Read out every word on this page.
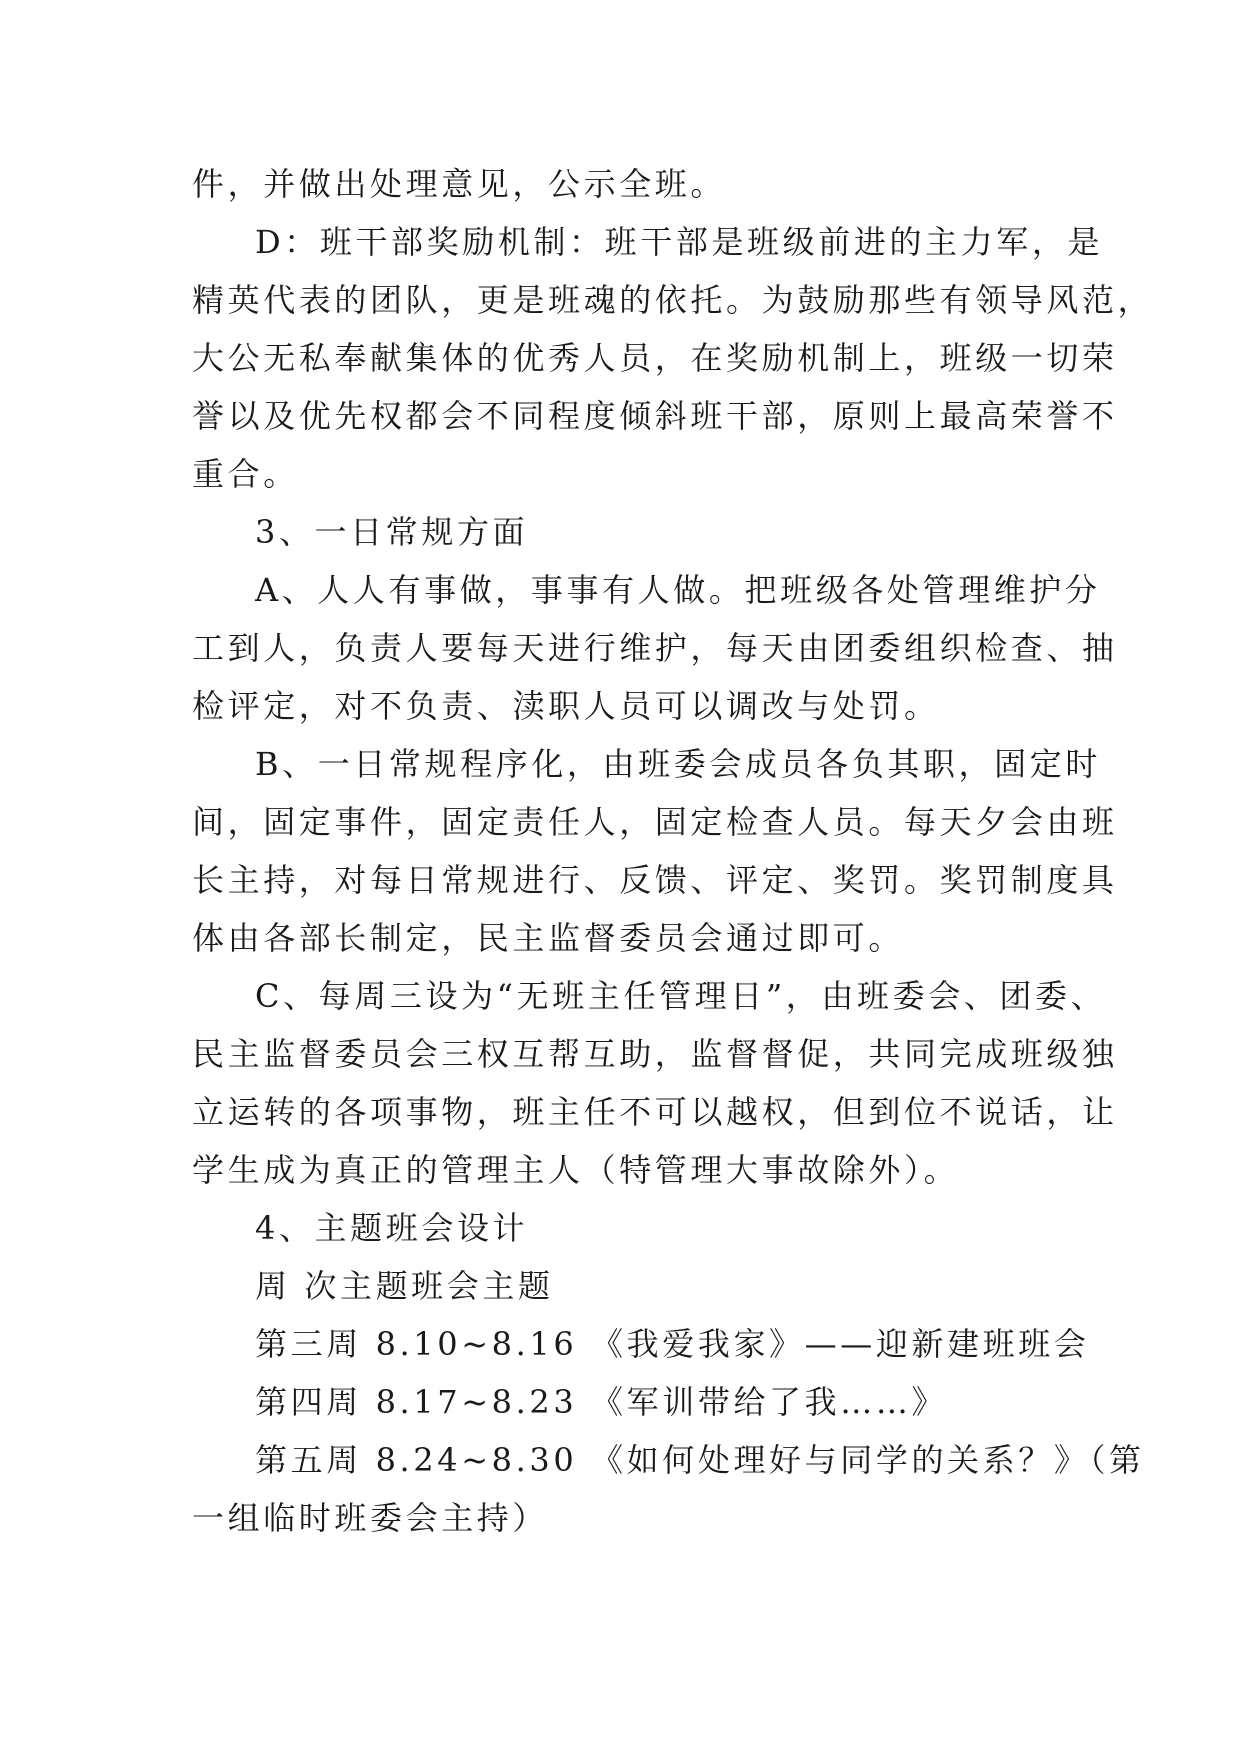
件，并做出处理意见，公示全班。
D：班干部奖励机制：班干部是班级前进的主力军，是
精英代表的团队，更是班魂的依托。为鼓励那些有领导风范，
大公无私奉献集体的优秀人员，在奖励机制上，班级一切荣
誉以及优先权都会不同程度倾斜班干部，原则上最高荣誉不
重合。
3、一日常规方面
A、人人有事做，事事有人做。把班级各处管理维护分
工到人，负责人要每天进行维护，每天由团委组织检查、抽
检评定，对不负责、渎职人员可以调改与处罚。
B、一日常规程序化，由班委会成员各负其职，固定时
间，固定事件，固定责任人，固定检查人员。每天夕会由班
长主持，对每日常规进行、反馈、评定、奖罚。奖罚制度具
体由各部长制定，民主监督委员会通过即可。
C、每周三设为“无班主任管理日”，由班委会、团委、
民主监督委员会三权互帮互助，监督督促，共同完成班级独
立运转的各项事物，班主任不可以越权，但到位不说话，让
学生成为真正的管理主人（特管理大事故除外）。
4、主题班会设计
周 次主题班会主题
第三周 8.10~8.16 《我爱我家》——迎新建班班会
第四周 8.17~8.23 《军训带给了我……》
第五周 8.24~8.30 《如何处理好与同学的关系？》（第
一组临时班委会主持）
